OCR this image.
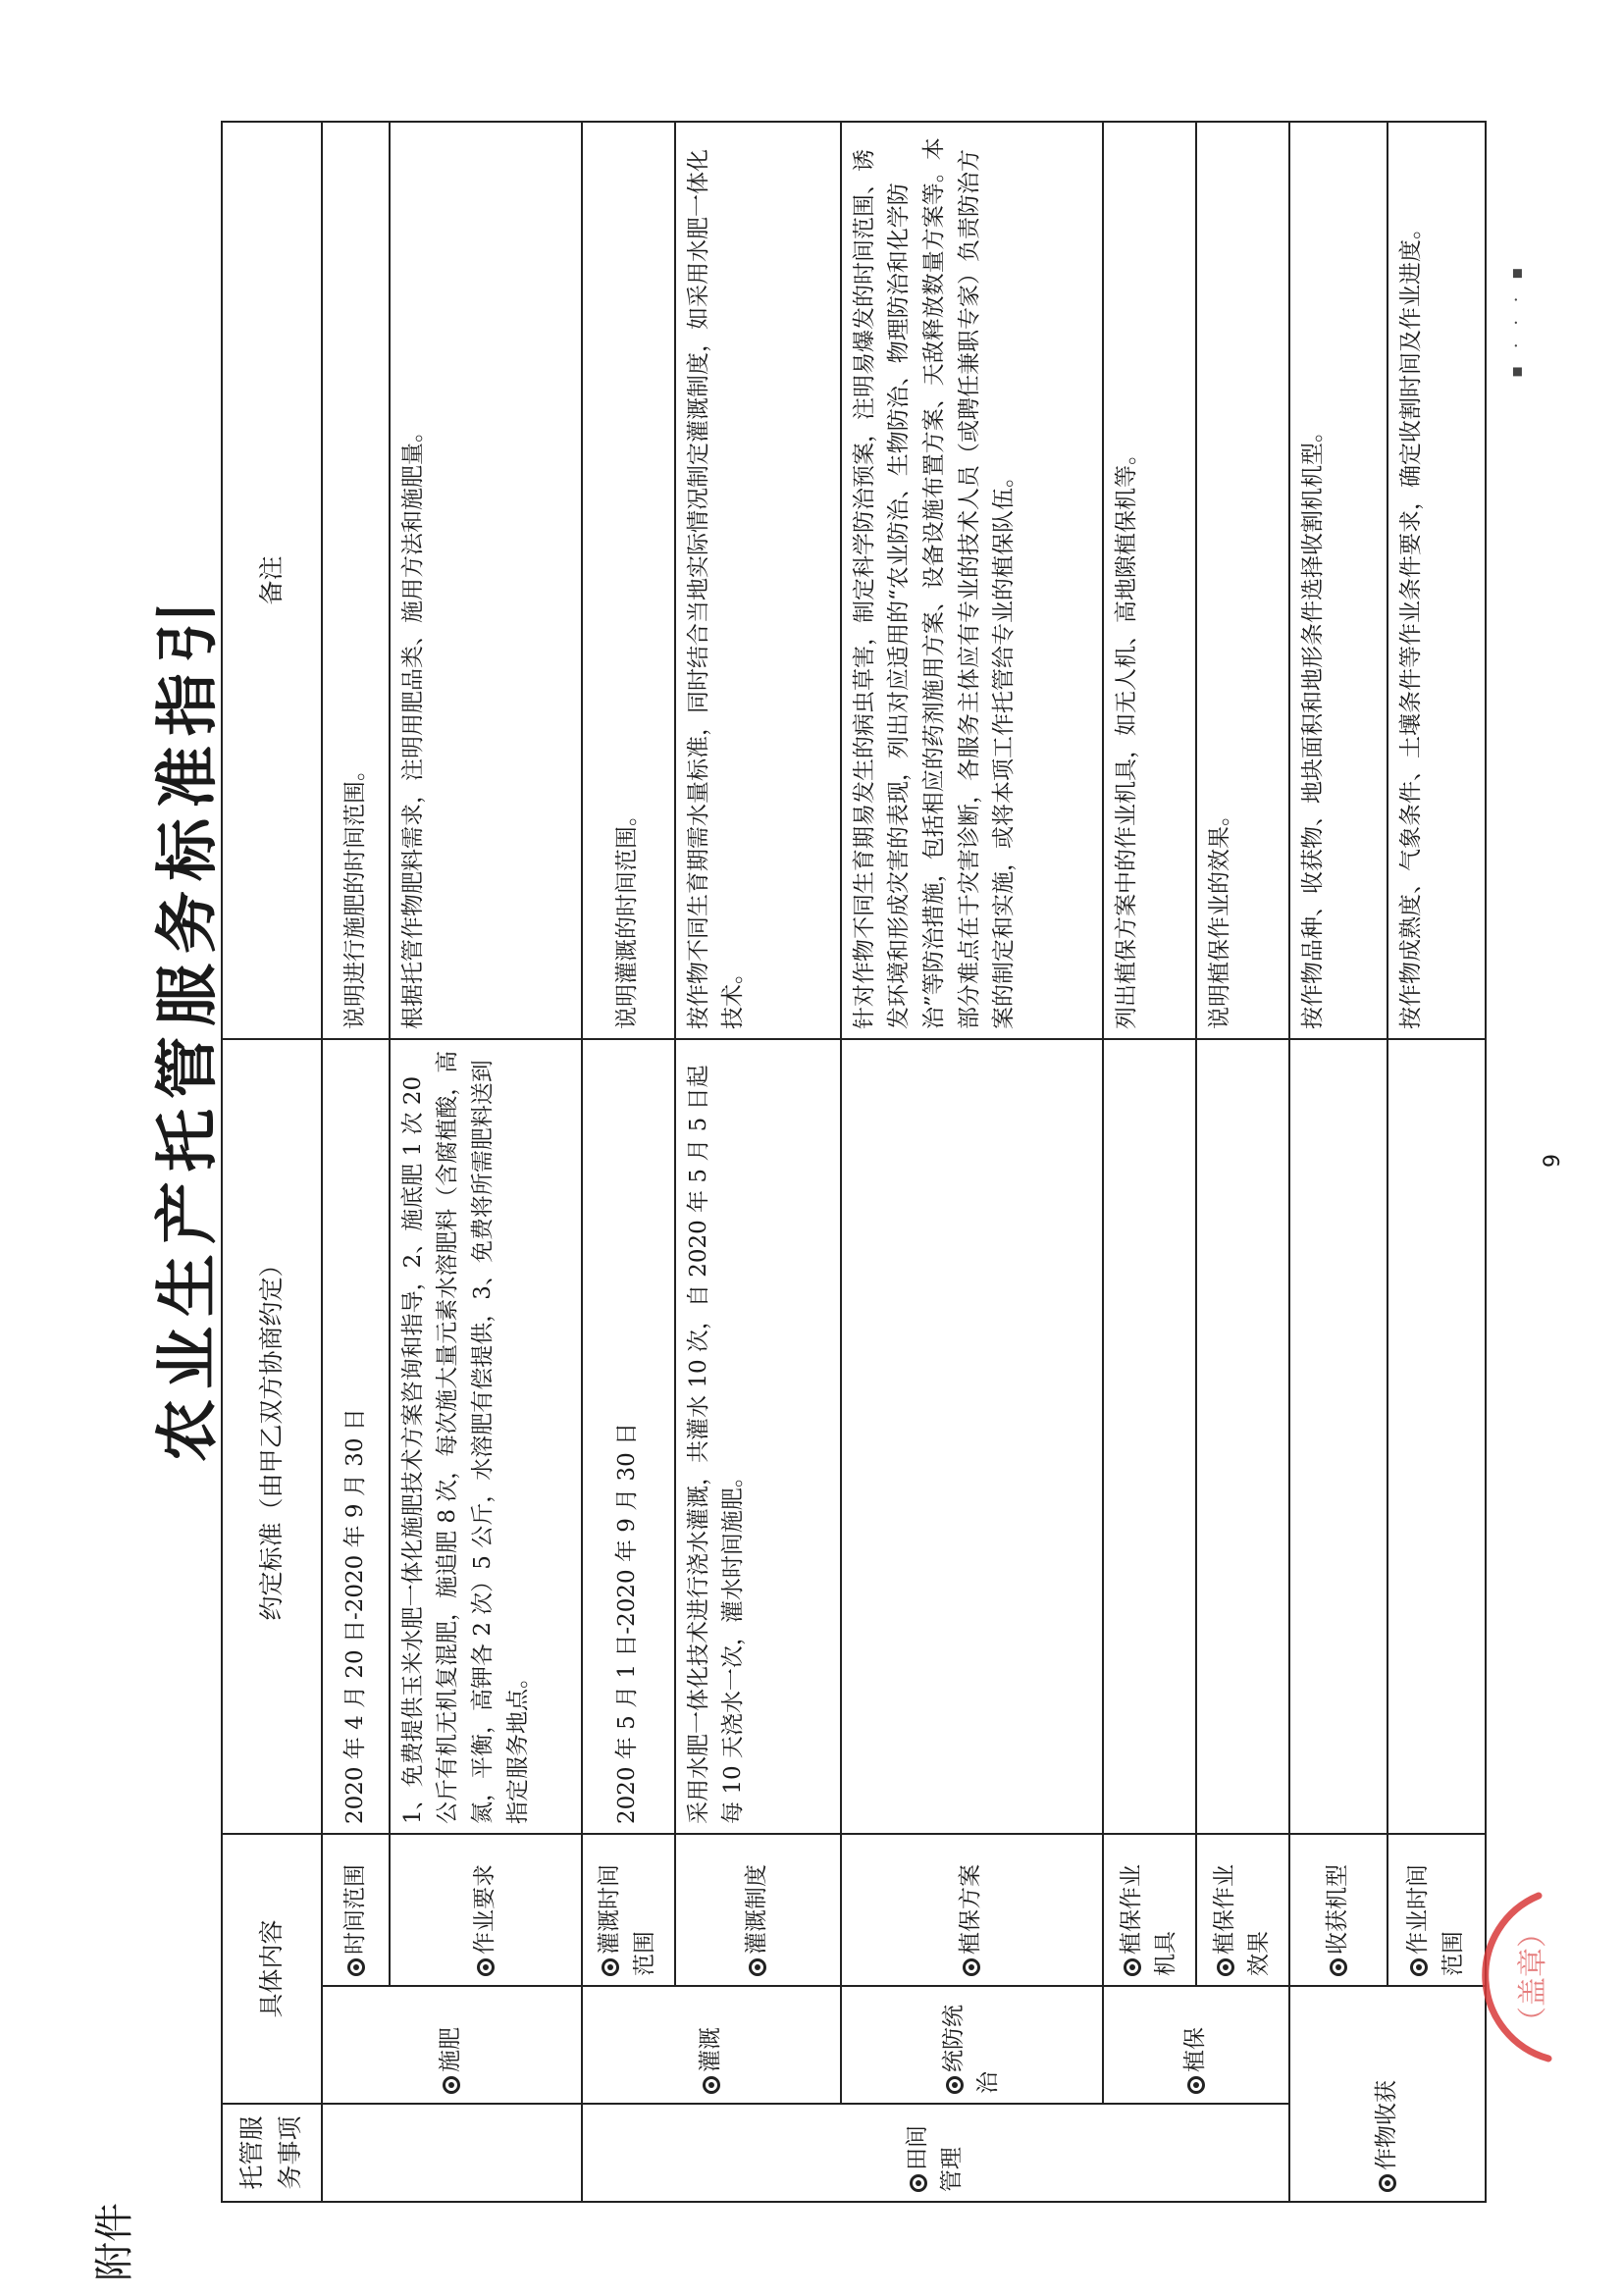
附件
农业生产托管服务标准指引
▪ · · · ▪
托管服务事项	具体内容		约定标准（由甲乙双方协商约定）	备注
	施肥	时间范围	2020 年 4 月 20 日-2020 年 9 月 30 日	说明进行施肥的时间范围。
		作业要求	1、免费提供玉米水肥一体化施肥技术方案咨询和指导，2、施底肥 1 次 20 公斤有机无机复混肥，施追肥 8 次，每次施大量元素水溶肥料（含腐植酸，高氮，平衡，高钾各 2 次）5 公斤，水溶肥有偿提供，3、免费将所需肥料送到指定服务地点。	根据托管作物肥料需求，注明用肥品类、施用方法和施肥量。
田间管理	灌溉	灌溉时间范围	2020 年 5 月 1 日-2020 年 9 月 30 日	说明灌溉的时间范围。
		灌溉制度	采用水肥一体化技术进行浇水灌溉，共灌水 10 次，自 2020 年 5 月 5 日起每 10 天浇水一次，灌水时间施肥。	按作物不同生育期需水量标准，同时结合当地实际情况制定灌溉制度，如采用水肥一体化技术。
	统防统治	植保方案		针对作物不同生育期易发生的病虫草害，制定科学防治预案，注明易爆发的时间范围、诱发环境和形成灾害的表现，列出对应适用的“农业防治、生物防治、物理防治和化学防治”等防治措施，包括相应的药剂施用方案、设备设施布置方案、天敌释放数量方案等。本部分难点在于灾害诊断，各服务主体应有专业的技术人员（或聘任兼职专家）负责防治方案的制定和实施，或将本项工作托管给专业的植保队伍。
	植保	植保作业机具		列出植保方案中的作业机具，如无人机、高地隙植保机等。
		植保作业效果		说明植保作业的效果。
作物收获		收获机型		按作物品种、收获物、地块面积和地形条件选择收割机机型。
		作业时间范围		按作物成熟度、气象条件、土壤条件等作业条件要求，确定收割时间及作业进度。
9
（盖章）
